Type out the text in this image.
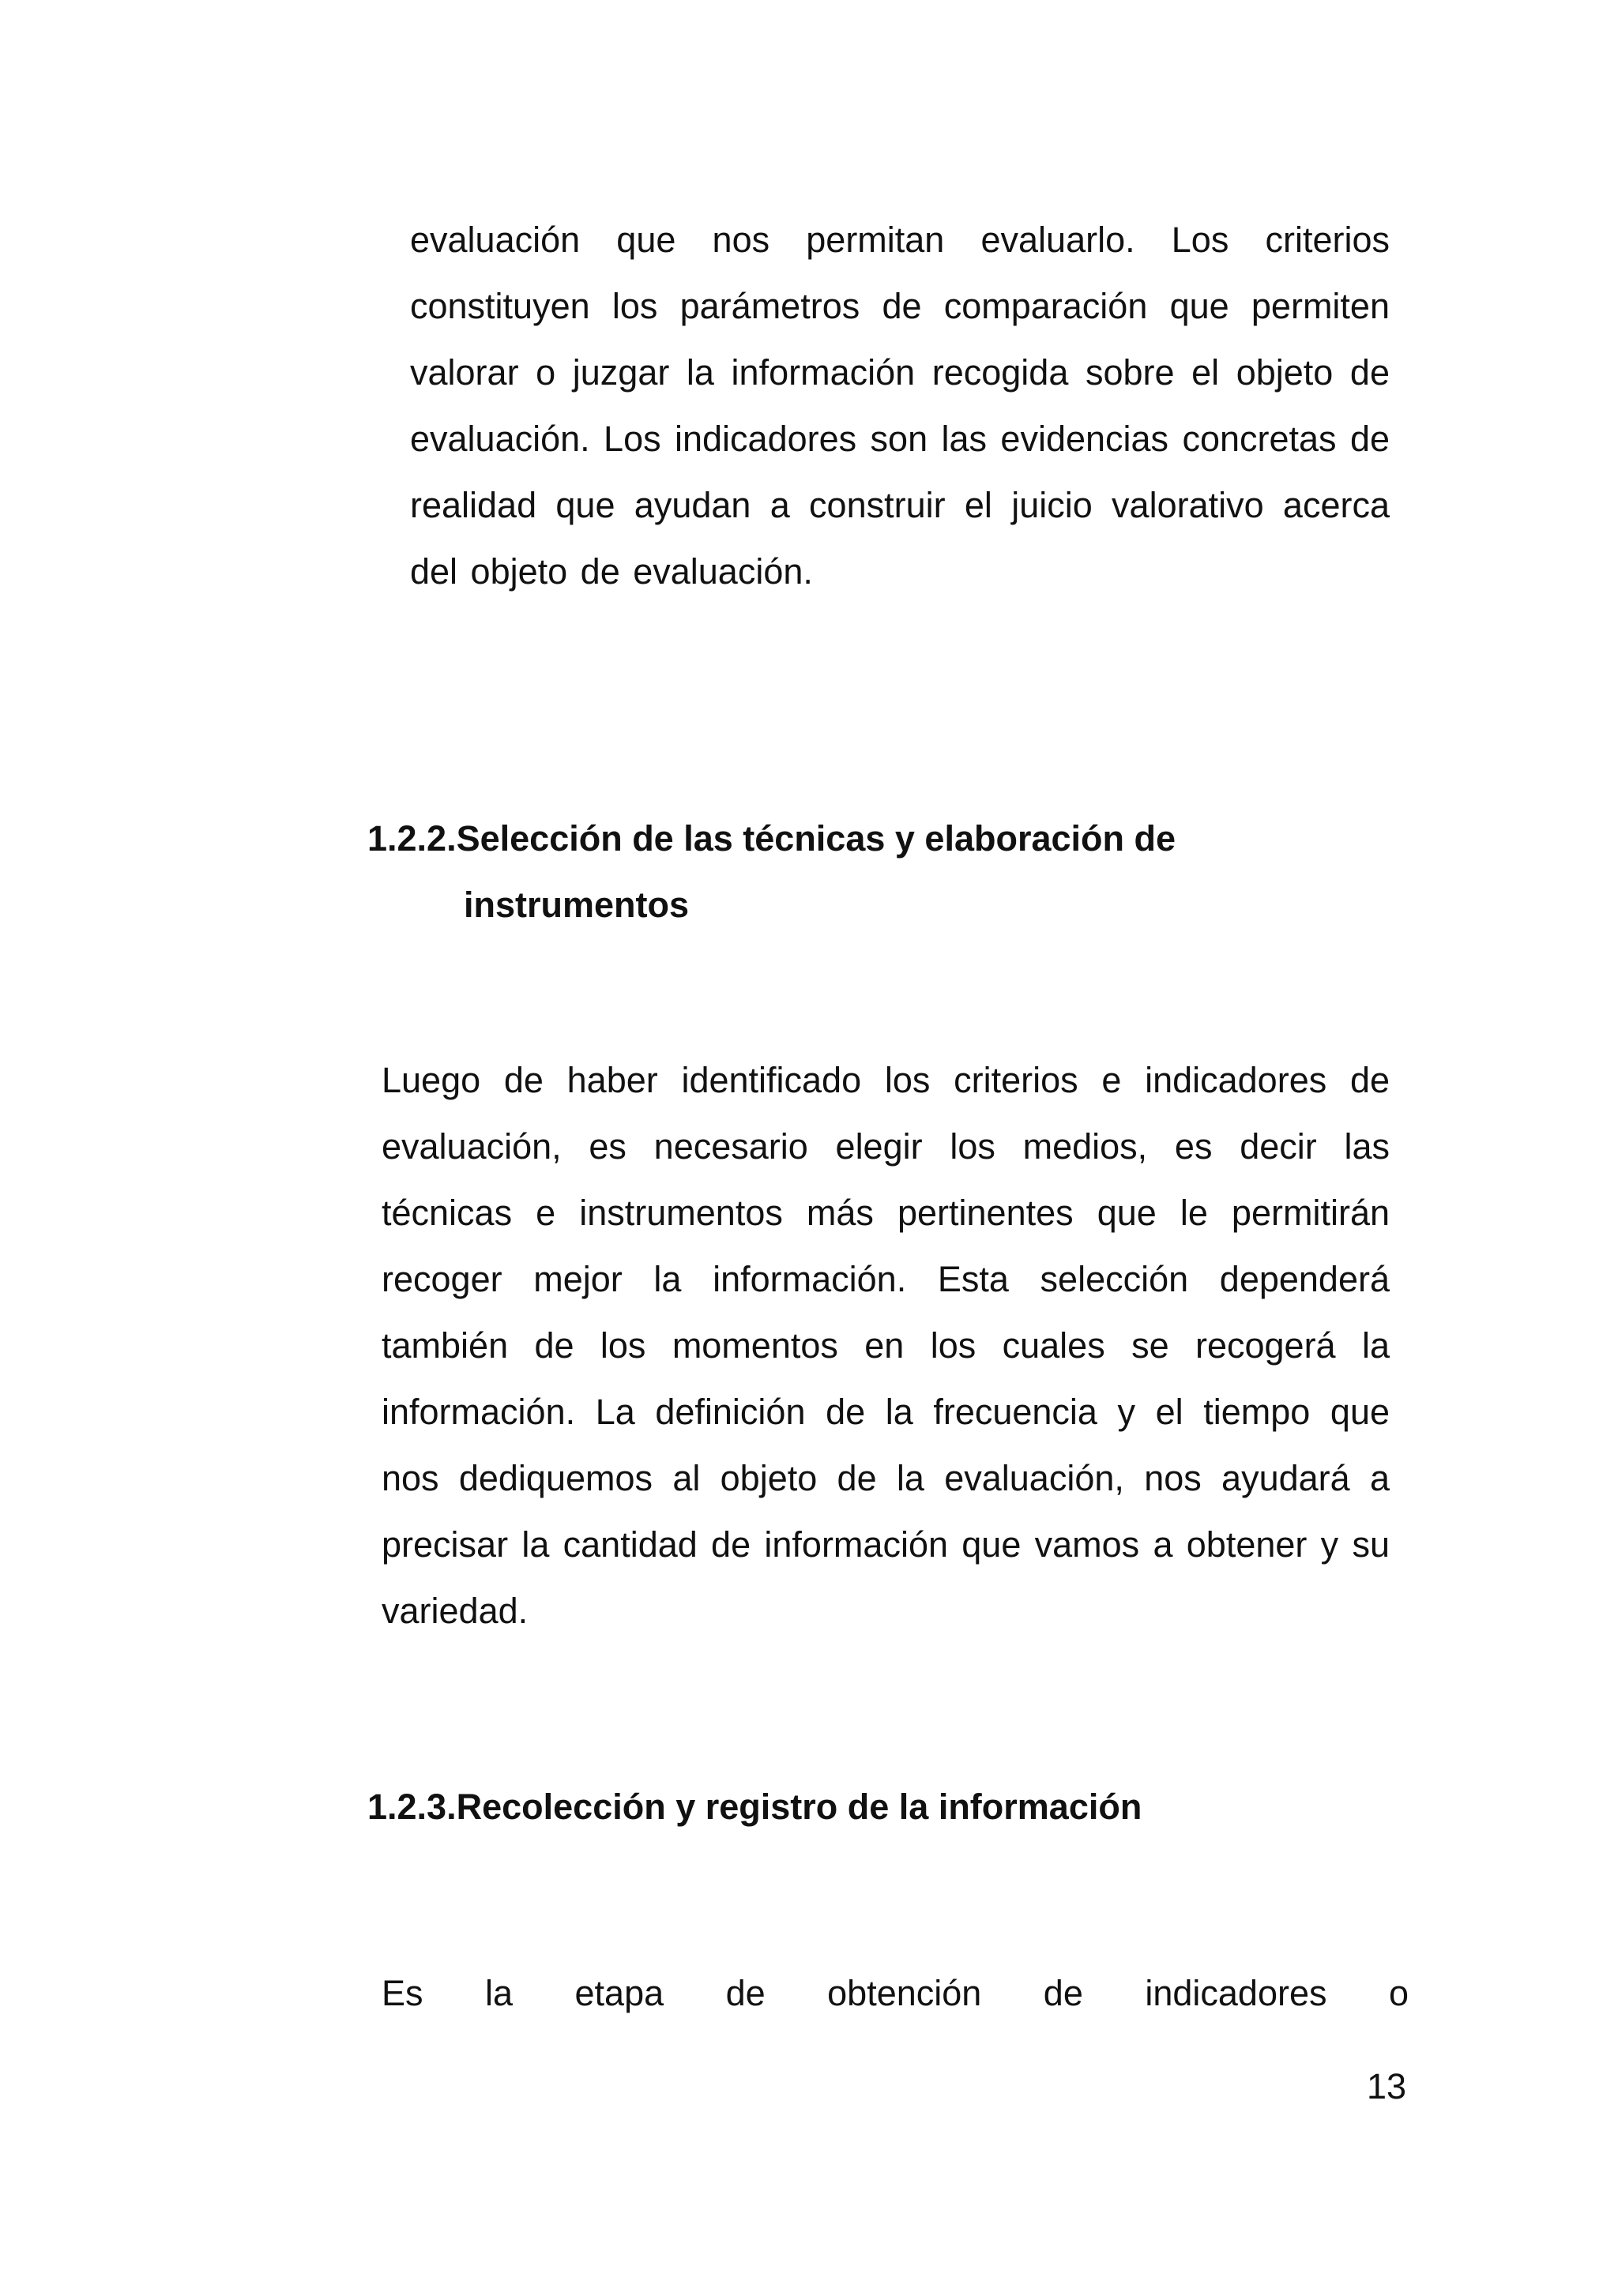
evaluación que nos permitan evaluarlo. Los criterios constituyen los parámetros de comparación que permiten valorar o juzgar la información recogida sobre el objeto de evaluación. Los indicadores son las evidencias concretas de realidad que ayudan a construir el juicio valorativo acerca del objeto de evaluación.

1.2.2.Selección de las técnicas y elaboración de
instrumentos

Luego de haber identificado los criterios e indicadores de evaluación, es necesario elegir los medios, es decir las técnicas e instrumentos más pertinentes que le permitirán recoger mejor la información. Esta selección dependerá también de los momentos en los cuales se recogerá la información. La definición de la frecuencia y el tiempo que nos dediquemos al objeto de la evaluación, nos ayudará a precisar la cantidad de información que vamos a obtener y su variedad.

1.2.3.Recolección y registro de la información

Es la etapa de obtención de indicadores o

13
